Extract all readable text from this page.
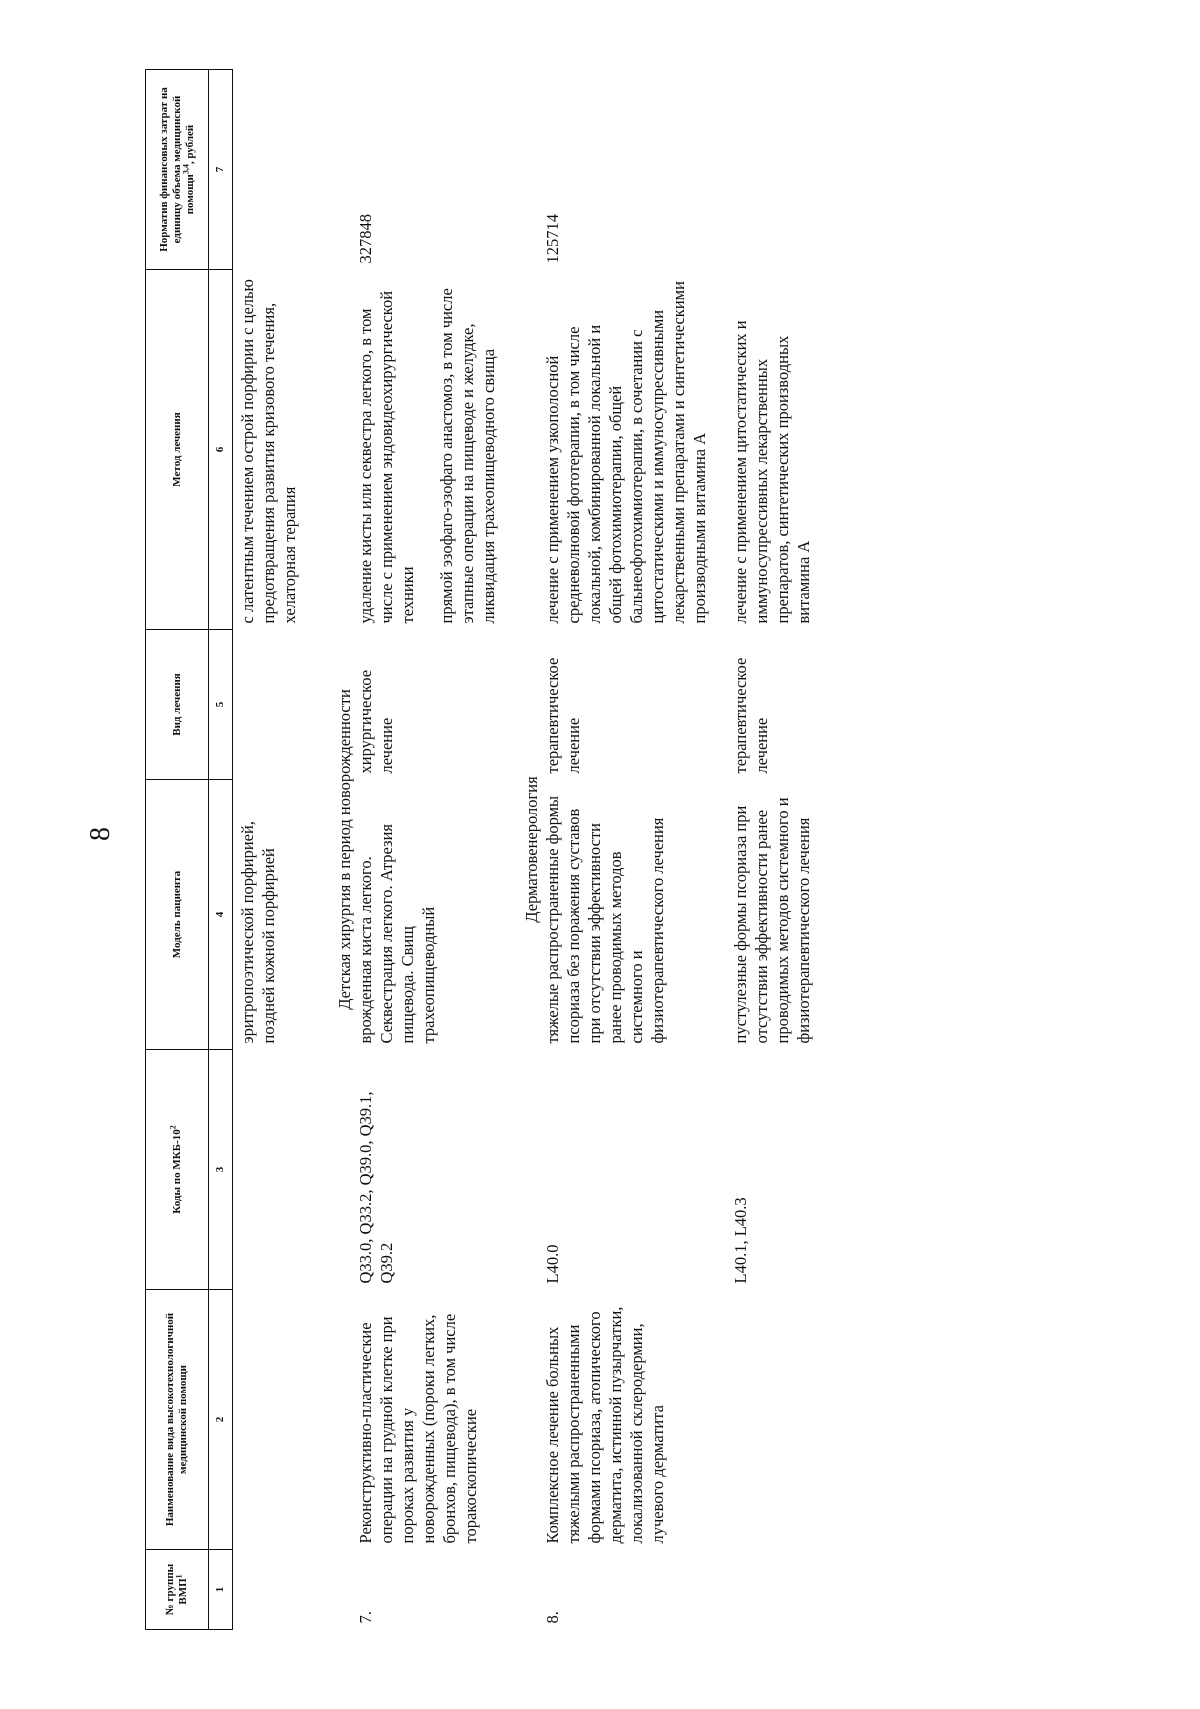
8
№ группы ВМП$^1$	Наименование вида высокотехнологичной медицинской помощи	Коды по МКБ-$10^2$	Модель пациента	Вид лечения	Метод лечения	Норматив финансовых затрат на единицу объема медицинской помощи$^{3,4}$, рублей
1	2	3	4	5	6	7
			эритропоэтической порфирией, поздней кожной порфирией		с латентным течением острой порфирии с целью предотвращения развития кризового течения, хелаторная терапия	
Детская хирургия в период новорожденности						
7.	Реконструктивно-пластические операции на грудной клетке при пороках развития у новорожденных (пороки легких, бронхов, пищевода), в том числе торакоскопические	Q33.0, Q33.2, Q39.0, Q39.1, Q39.2	врожденная киста легкого. Секвестрация легкого. Атрезия пищевода. Свищ трахеопищеводный	хирургическое лечение	удаление кисты или секвестра легкого, в том числе с применением эндовидеохирургической техники прямой эзофаго-эзофаго анастомоз, в том числе этапные операции на пищеводе и желудке, ликвидация трахеопищеводного свища	327848
Дерматовенерология						
8.	Комплексное лечение больных тяжелыми распространенными формами псориаза, атопического дерматита, истинной пузырчатки, локализованной склеродермии, лучевого дерматита	L40.0	тяжелые распространенные формы псориаза без поражения суставов при отсутствии эффективности ранее проводимых методов системного и физиотерапевтического лечения	терапевтическое лечение	лечение с применением узкополосной средневолновой фототерапии, в том числе локальной, комбинированной локальной и общей фотохимиотерапии, общей бальнеофотохимиотерапии, в сочетании с цитостатическими и иммуносупрессивными лекарственными препаратами и синтетическими производными витамина А	125714
		L40.1, L40.3	пустулезные формы псориаза при отсутствии эффективности ранее проводимых методов системного и физиотерапевтического лечения	терапевтическое лечение	лечение с применением цитостатических и иммуносупрессивных лекарственных препаратов, синтетических производных витамина А	
